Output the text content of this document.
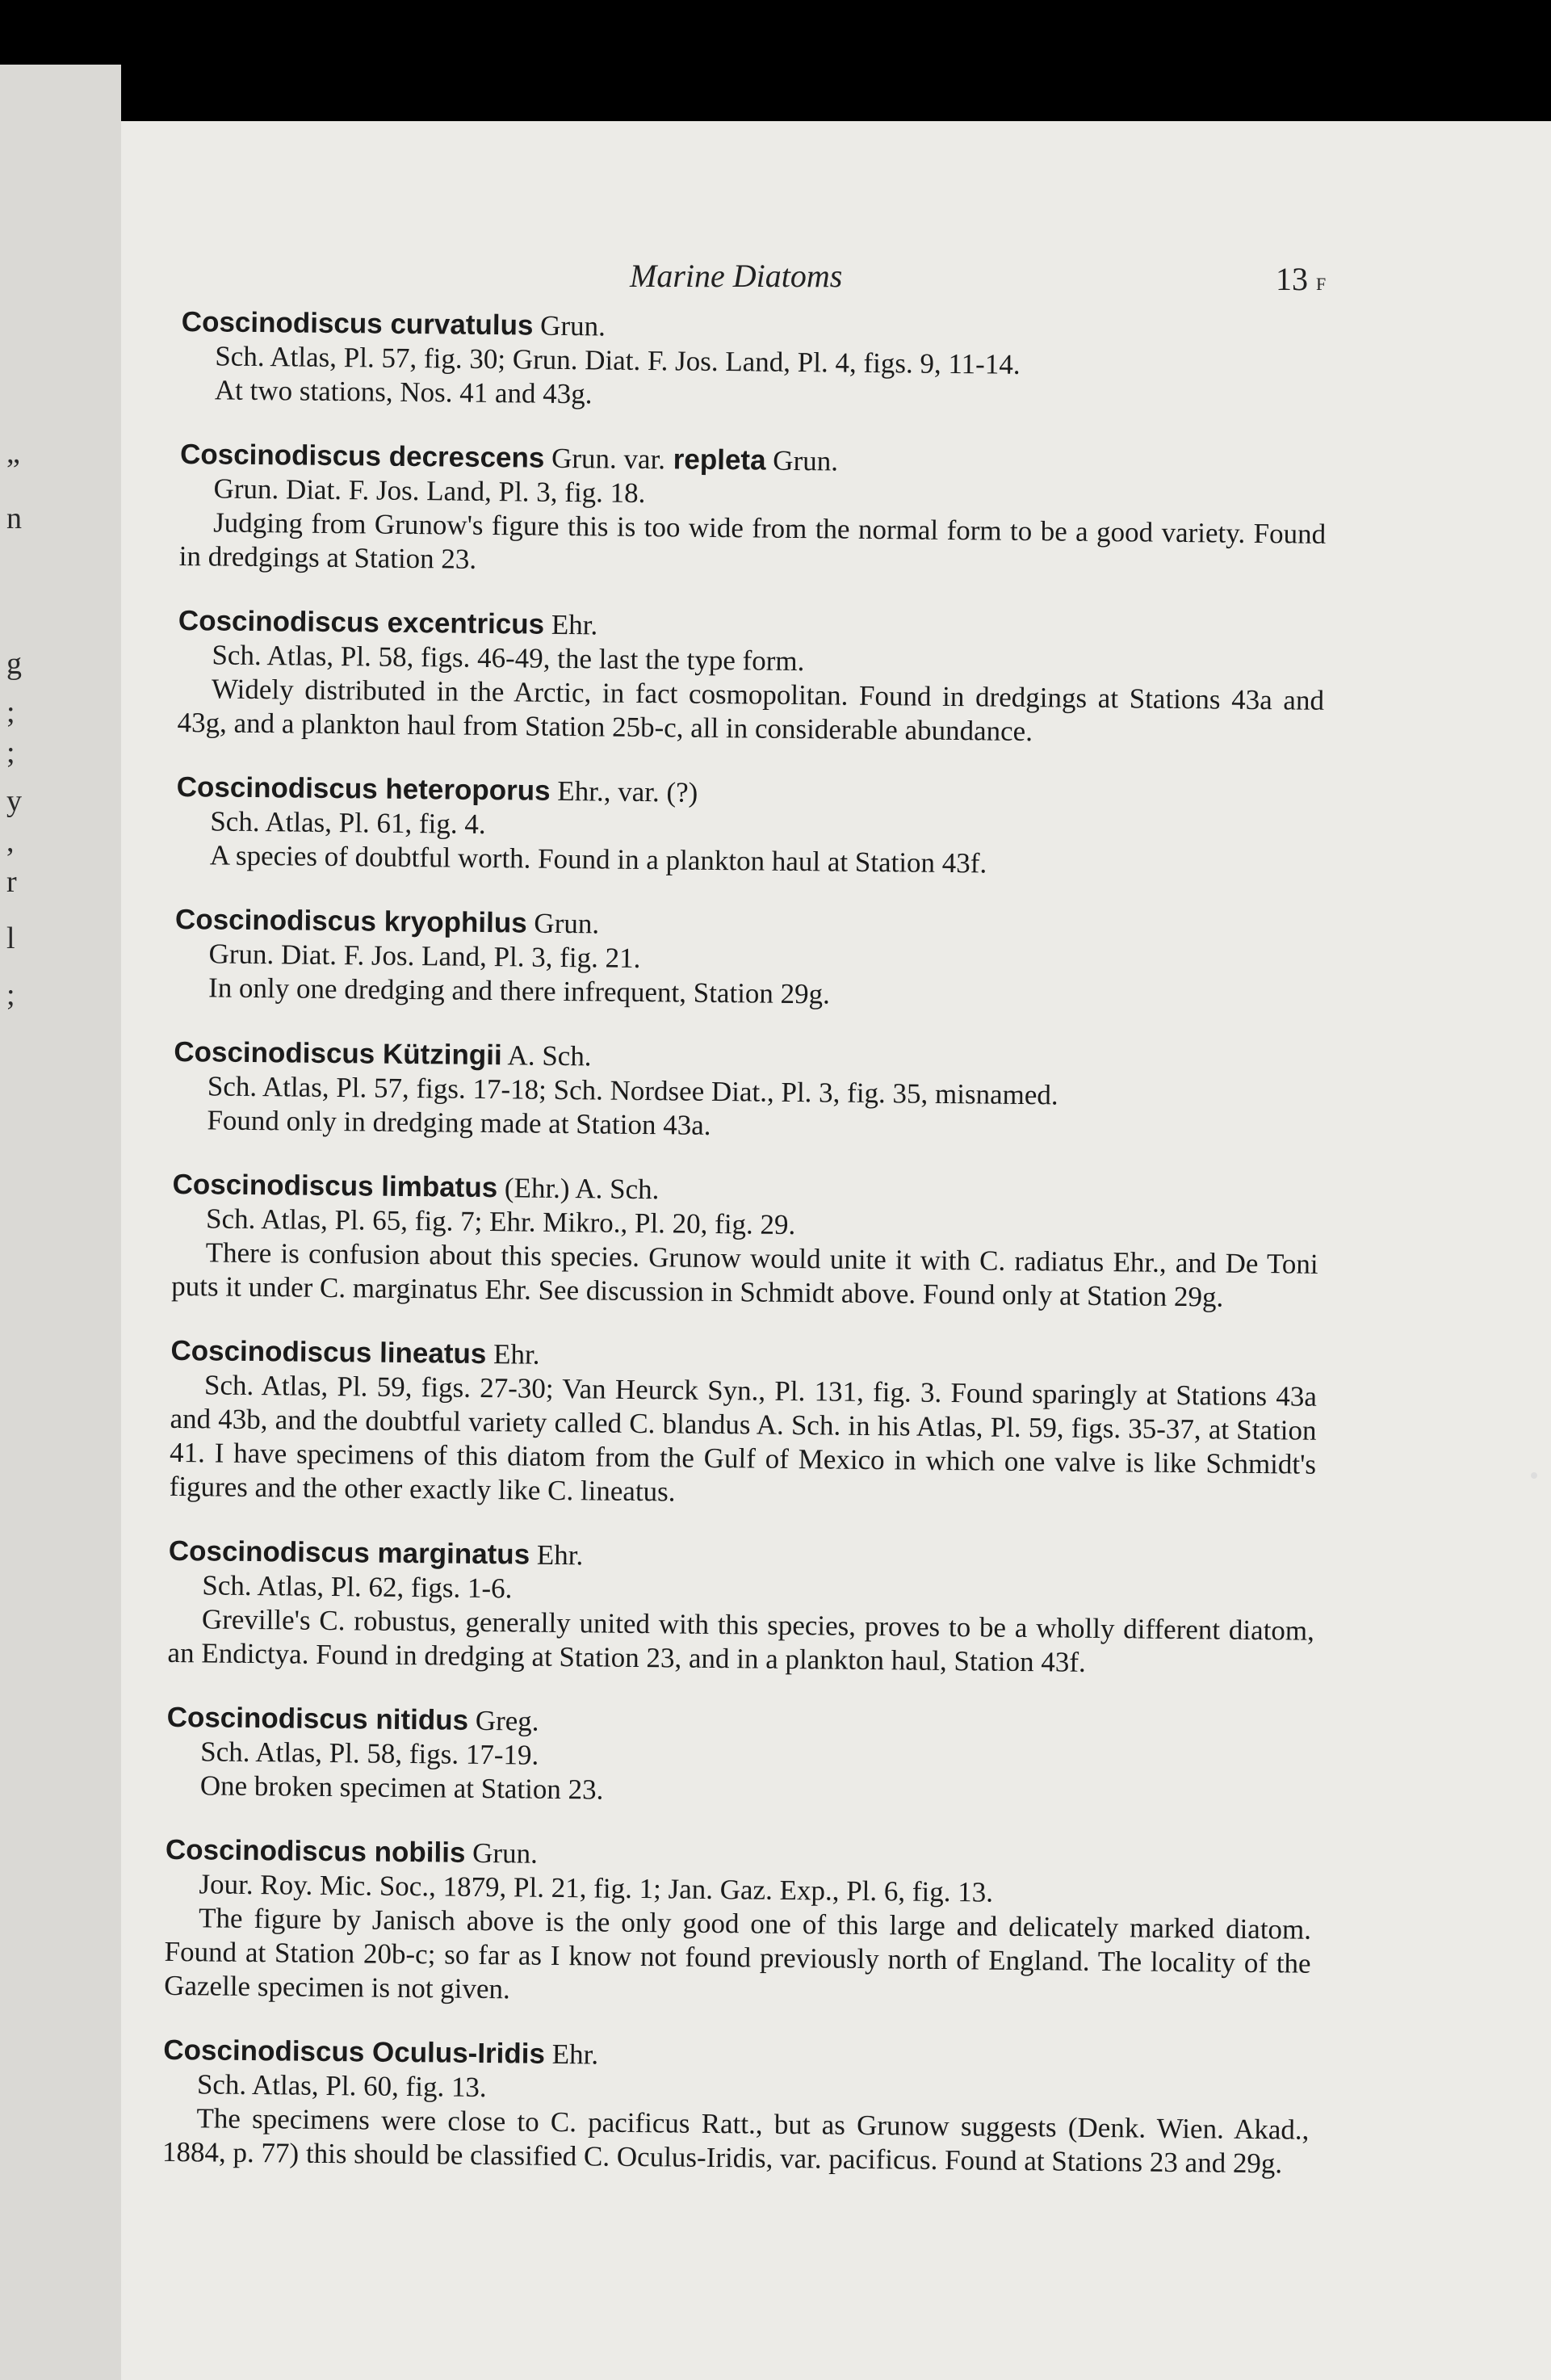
”
n
g
;
;
y
,
r
l
;
Marine Diatoms	13 F
Coscinodiscus curvatulus Grun.
Sch. Atlas, Pl. 57, fig. 30; Grun. Diat. F. Jos. Land, Pl. 4, figs. 9, 11-14.
At two stations, Nos. 41 and 43g.
Coscinodiscus decrescens Grun. var. repleta Grun.
Grun. Diat. F. Jos. Land, Pl. 3, fig. 18.
Judging from Grunow's figure this is too wide from the normal form to be a good variety. Found in dredgings at Station 23.
Coscinodiscus excentricus Ehr.
Sch. Atlas, Pl. 58, figs. 46-49, the last the type form.
Widely distributed in the Arctic, in fact cosmopolitan. Found in dredgings at Stations 43a and 43g, and a plankton haul from Station 25b-c, all in considerable abundance.
Coscinodiscus heteroporus Ehr., var. (?)
Sch. Atlas, Pl. 61, fig. 4.
A species of doubtful worth. Found in a plankton haul at Station 43f.
Coscinodiscus kryophilus Grun.
Grun. Diat. F. Jos. Land, Pl. 3, fig. 21.
In only one dredging and there infrequent, Station 29g.
Coscinodiscus Kützingii A. Sch.
Sch. Atlas, Pl. 57, figs. 17-18; Sch. Nordsee Diat., Pl. 3, fig. 35, misnamed.
Found only in dredging made at Station 43a.
Coscinodiscus limbatus (Ehr.) A. Sch.
Sch. Atlas, Pl. 65, fig. 7; Ehr. Mikro., Pl. 20, fig. 29.
There is confusion about this species. Grunow would unite it with C. radiatus Ehr., and De Toni puts it under C. marginatus Ehr. See discussion in Schmidt above. Found only at Station 29g.
Coscinodiscus lineatus Ehr.
Sch. Atlas, Pl. 59, figs. 27-30; Van Heurck Syn., Pl. 131, fig. 3. Found sparingly at Stations 43a and 43b, and the doubtful variety called C. blandus A. Sch. in his Atlas, Pl. 59, figs. 35-37, at Station 41. I have specimens of this diatom from the Gulf of Mexico in which one valve is like Schmidt's figures and the other exactly like C. lineatus.
Coscinodiscus marginatus Ehr.
Sch. Atlas, Pl. 62, figs. 1-6.
Greville's C. robustus, generally united with this species, proves to be a wholly different diatom, an Endictya. Found in dredging at Station 23, and in a plankton haul, Station 43f.
Coscinodiscus nitidus Greg.
Sch. Atlas, Pl. 58, figs. 17-19.
One broken specimen at Station 23.
Coscinodiscus nobilis Grun.
Jour. Roy. Mic. Soc., 1879, Pl. 21, fig. 1; Jan. Gaz. Exp., Pl. 6, fig. 13.
The figure by Janisch above is the only good one of this large and delicately marked diatom. Found at Station 20b-c; so far as I know not found previously north of England. The locality of the Gazelle specimen is not given.
Coscinodiscus Oculus-Iridis Ehr.
Sch. Atlas, Pl. 60, fig. 13.
The specimens were close to C. pacificus Ratt., but as Grunow suggests (Denk. Wien. Akad., 1884, p. 77) this should be classified C. Oculus-Iridis, var. pacificus. Found at Stations 23 and 29g.
